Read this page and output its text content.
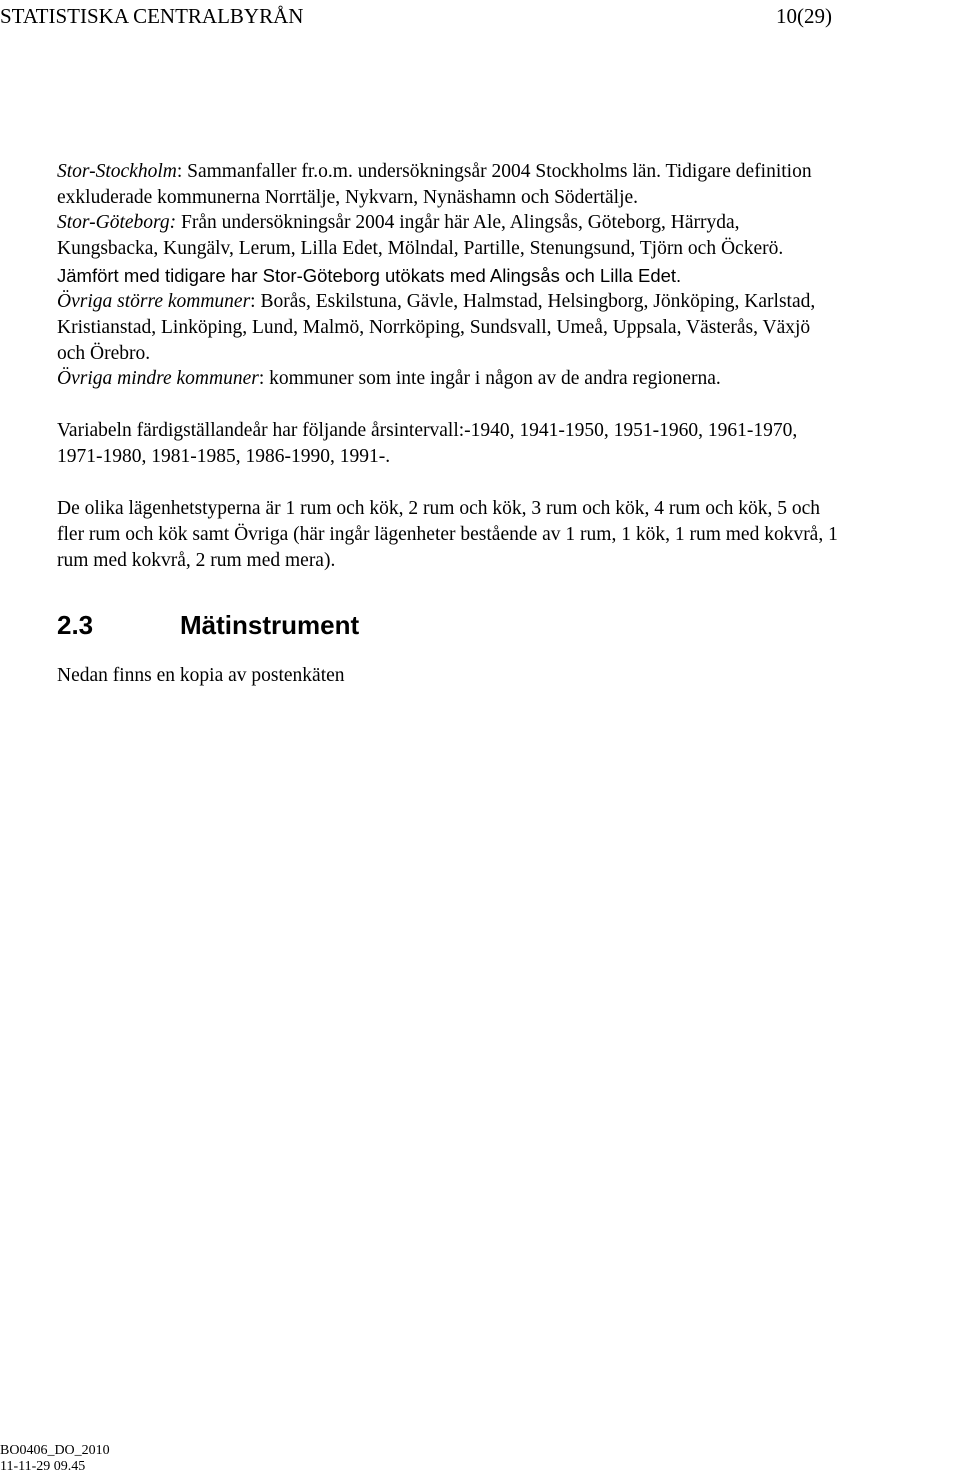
STATISTISKA CENTRALBYRÅN	10(29)
Stor-Stockholm: Sammanfaller fr.o.m. undersökningsår 2004 Stockholms län. Tidigare definition
exkluderade kommunerna Norrtälje, Nykvarn, Nynäshamn och Södertälje.
Stor-Göteborg: Från undersökningsår 2004 ingår här Ale, Alingsås, Göteborg, Härryda,
Kungsbacka, Kungälv, Lerum, Lilla Edet, Mölndal, Partille, Stenungsund, Tjörn och Öckerö.
Jämfört med tidigare har Stor-Göteborg utökats med Alingsås och Lilla Edet.
Övriga större kommuner: Borås, Eskilstuna, Gävle, Halmstad, Helsingborg, Jönköping, Karlstad,
Kristianstad, Linköping, Lund, Malmö, Norrköping, Sundsvall, Umeå, Uppsala, Västerås, Växjö
och Örebro.
Övriga mindre kommuner: kommuner som inte ingår i någon av de andra regionerna.
Variabeln färdigställandeår har följande årsintervall:-1940, 1941-1950, 1951-1960, 1961-1970,
1971-1980, 1981-1985, 1986-1990, 1991-.
De olika lägenhetstyperna är 1 rum och kök, 2 rum och kök, 3 rum och kök, 4 rum och kök, 5 och
fler rum och kök samt Övriga (här ingår lägenheter bestående av 1 rum, 1 kök, 1 rum med kokvrå, 1
rum med kokvrå, 2 rum med mera).
2.3	Mätinstrument
Nedan finns en kopia av postenkäten
BO0406_DO_2010
11-11-29 09.45
